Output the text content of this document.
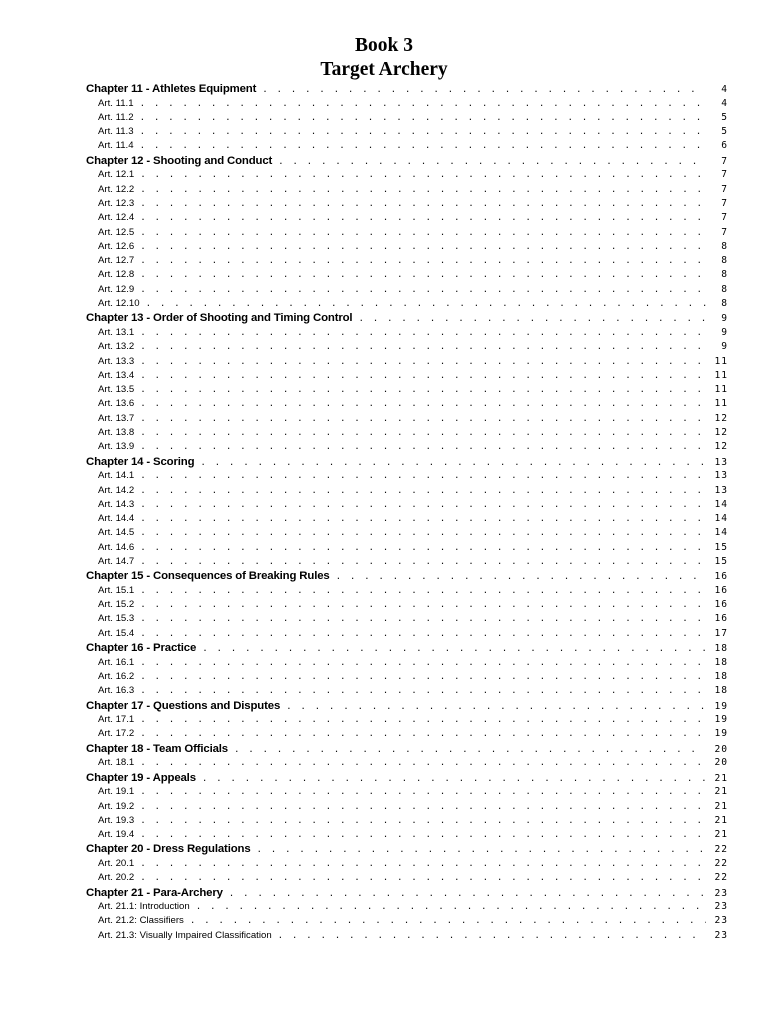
Book 3
Target Archery
Chapter 11 - Athletes Equipment . . .	4
Art. 11.1 . . .	4
Art. 11.2 . . .	5
Art. 11.3 . . .	5
Art. 11.4 . . .	6
Chapter 12 - Shooting and Conduct . . .	7
Art. 12.1 . . .	7
Art. 12.2 . . .	7
Art. 12.3 . . .	7
Art. 12.4 . . .	7
Art. 12.5 . . .	7
Art. 12.6 . . .	8
Art. 12.7 . . .	8
Art. 12.8 . . .	8
Art. 12.9 . . .	8
Art. 12.10 . . .	8
Chapter 13 - Order of Shooting and Timing Control . . .	9
Art. 13.1 . . .	9
Art. 13.2 . . .	9
Art. 13.3 . . .	11
Art. 13.4 . . .	11
Art. 13.5 . . .	11
Art. 13.6 . . .	11
Art. 13.7 . . .	12
Art. 13.8 . . .	12
Art. 13.9 . . .	12
Chapter 14 - Scoring . . .	13
Art. 14.1 . . .	13
Art. 14.2 . . .	13
Art. 14.3 . . .	14
Art. 14.4 . . .	14
Art. 14.5 . . .	14
Art. 14.6 . . .	15
Art. 14.7 . . .	15
Chapter 15 - Consequences of Breaking Rules . . .	16
Art. 15.1 . . .	16
Art. 15.2 . . .	16
Art. 15.3 . . .	16
Art. 15.4 . . .	17
Chapter 16 - Practice . . .	18
Art. 16.1 . . .	18
Art. 16.2 . . .	18
Art. 16.3 . . .	18
Chapter 17 - Questions and Disputes . . .	19
Art. 17.1 . . .	19
Art. 17.2 . . .	19
Chapter 18 - Team Officials . . .	20
Art. 18.1 . . .	20
Chapter 19 - Appeals . . .	21
Art. 19.1 . . .	21
Art. 19.2 . . .	21
Art. 19.3 . . .	21
Art. 19.4 . . .	21
Chapter 20 - Dress Regulations . . .	22
Art. 20.1 . . .	22
Art. 20.2 . . .	22
Chapter 21 - Para-Archery . . .	23
Art. 21.1: Introduction . . .	23
Art. 21.2: Classifiers . . .	23
Art. 21.3: Visually Impaired Classification . . .	23
